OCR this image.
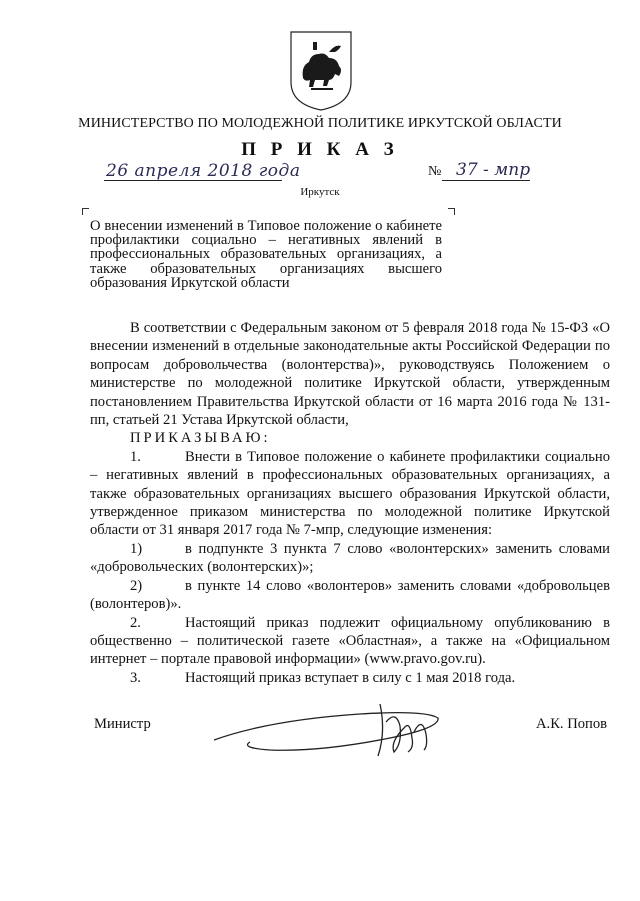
МИНИСТЕРСТВО ПО МОЛОДЕЖНОЙ ПОЛИТИКЕ ИРКУТСКОЙ ОБЛАСТИ
П Р И К А З
26 апреля 2018 года	№ 37 - мпр
Иркутск
О внесении изменений в Типовое положение о кабинете профилактики социально – негативных явлений в профессиональных образовательных организациях, а также образовательных организациях высшего образования Иркутской области

В соответствии с Федеральным законом от 5 февраля 2018 года № 15-ФЗ «О внесении изменений в отдельные законодательные акты Российской Федерации по вопросам добровольчества (волонтерства)», руководствуясь Положением о министерстве по молодежной политике Иркутской области, утвержденным постановлением Правительства Иркутской области от 16 марта 2016 года № 131-пп, статьей 21 Устава Иркутской области,

ПРИКАЗЫВАЮ:

1.	Внести в Типовое положение о кабинете профилактики социально – негативных явлений в профессиональных образовательных организациях, а также образовательных организациях высшего образования Иркутской области, утвержденное приказом министерства по молодежной политике Иркутской области от 31 января 2017 года № 7-мпр, следующие изменения:

1)	в подпункте 3 пункта 7 слово «волонтерских» заменить словами «добровольческих (волонтерских)»;

2)	в пункте 14 слово «волонтеров» заменить словами «добровольцев (волонтеров)».

2.	Настоящий приказ подлежит официальному опубликованию в общественно – политической газете «Областная», а также на «Официальном интернет – портале правовой информации» (www.pravo.gov.ru).

3.	Настоящий приказ вступает в силу с 1 мая 2018 года.

Министр	А.К. Попов
